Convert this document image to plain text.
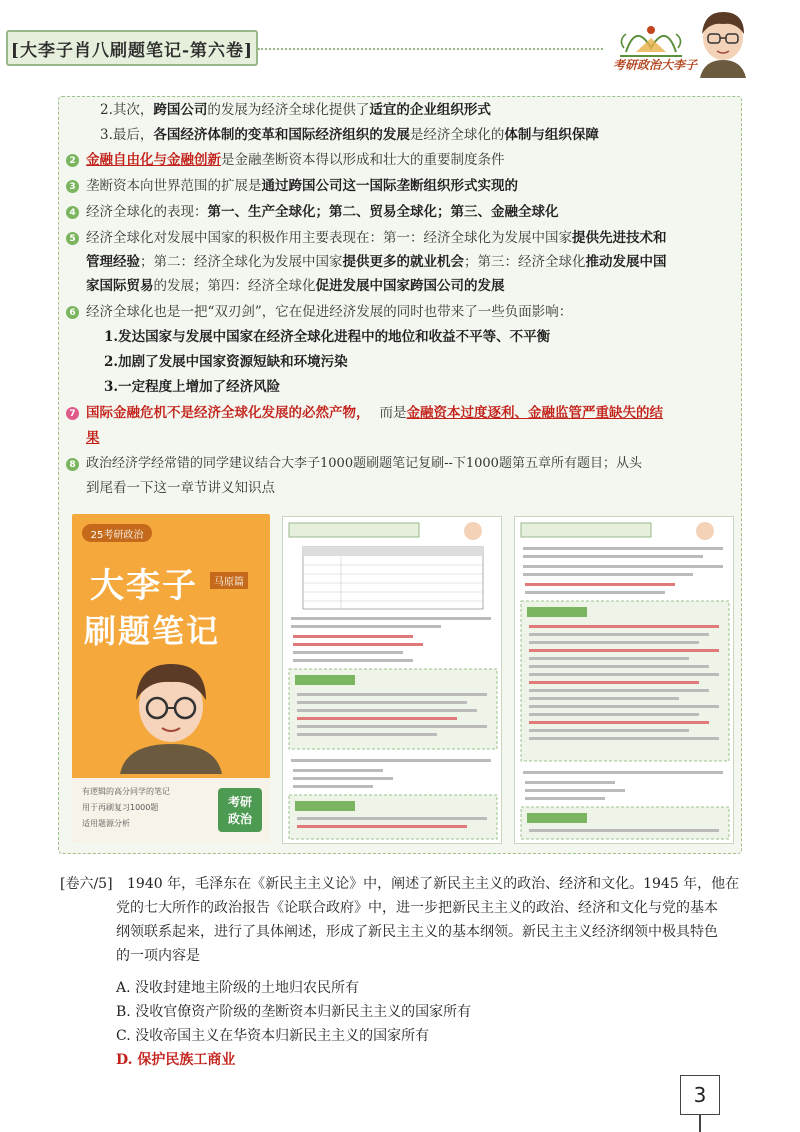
[大李子肖八刷题笔记-第六卷]
考研政治大李子
2.其次，跨国公司的发展为经济全球化提供了适宜的企业组织形式
3.最后，各国经济体制的变革和国际经济组织的发展是经济全球化的体制与组织保障
2 金融自由化与金融创新是金融垄断资本得以形成和壮大的重要制度条件
3 垄断资本向世界范围的扩展是通过跨国公司这一国际垄断组织形式实现的
4 经济全球化的表现：第一、生产全球化；第二、贸易全球化；第三、金融全球化
5 经济全球化对发展中国家的积极作用主要表现在：第一：经济全球化为发展中国家提供先进技术和
管理经验；第二：经济全球化为发展中国家提供更多的就业机会；第三：经济全球化推动发展中国
家国际贸易的发展；第四：经济全球化促进发展中国家跨国公司的发展
6 经济全球化也是一把“双刃剑”，它在促进经济发展的同时也带来了一些负面影响：
1.发达国家与发展中国家在经济全球化进程中的地位和收益不平等、不平衡
2.加剧了发展中国家资源短缺和环境污染
3.一定程度上增加了经济风险
7 国际金融危机不是经济全球化发展的必然产物， 而是金融资本过度逐利、金融监管严重缺失的结
果
8 政治经济学经常错的同学建议结合大李子1000题刷题笔记复刷--下1000题第五章所有题目；从头
到尾看一下这一章节讲义知识点
25考研政治
大李子	马原篇
刷题笔记
有逻辑的高分同学的笔记
用于再刷复习1000题
适用题源分析
考研
政治
[卷六/5] 1940 年，毛泽东在《新民主主义论》中，阐述了新民主主义的政治、经济和文化。1945 年，他在
党的七大所作的政治报告《论联合政府》中，进一步把新民主主义的政治、经济和文化与党的基本
纲领联系起来，进行了具体阐述，形成了新民主主义的基本纲领。新民主主义经济纲领中极具特色
的一项内容是
A. 没收封建地主阶级的土地归农民所有
B. 没收官僚资产阶级的垄断资本归新民主主义的国家所有
C. 没收帝国主义在华资本归新民主主义的国家所有
D. 保护民族工商业
3
